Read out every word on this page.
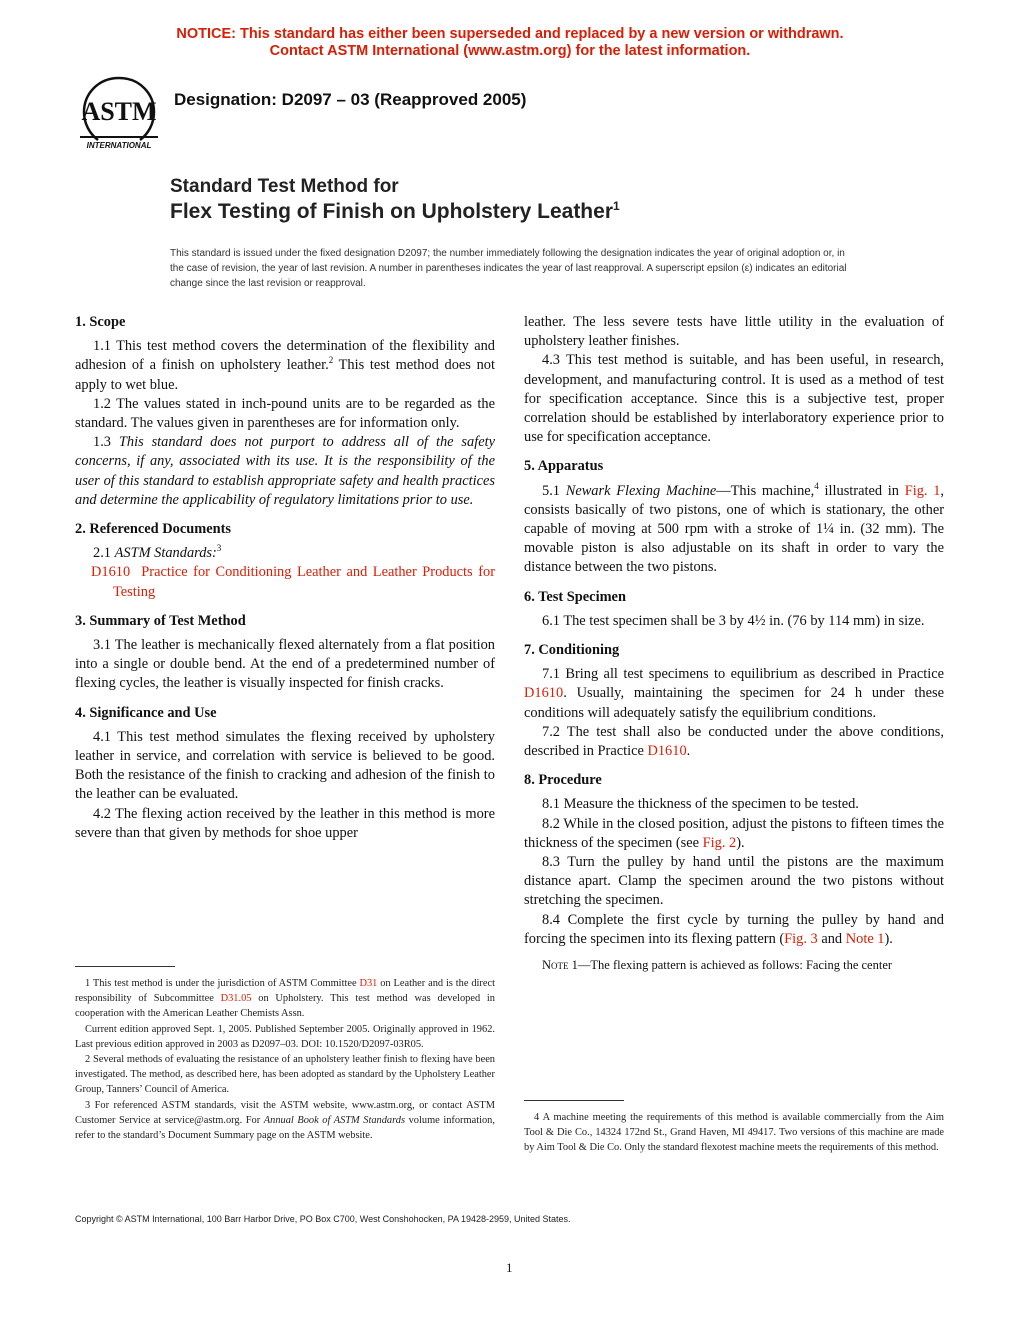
NOTICE: This standard has either been superseded and replaced by a new version or withdrawn.
Contact ASTM International (www.astm.org) for the latest information.
ASTM
INTERNATIONAL
Designation: D2097 – 03 (Reapproved 2005)
Standard Test Method for
Flex Testing of Finish on Upholstery Leather$^1$
This standard is issued under the fixed designation D2097; the number immediately following the designation indicates the year of original adoption or, in the case of revision, the year of last revision. A number in parentheses indicates the year of last reapproval. A superscript epsilon (ε) indicates an editorial change since the last revision or reapproval.
1. Scope

1.1 This test method covers the determination of the flexibility and adhesion of a finish on upholstery leather.$^2$ This test method does not apply to wet blue.

1.2 The values stated in inch-pound units are to be regarded as the standard. The values given in parentheses are for information only.

1.3 This standard does not purport to address all of the safety concerns, if any, associated with its use. It is the responsibility of the user of this standard to establish appropriate safety and health practices and determine the applicability of regulatory limitations prior to use.

2. Referenced Documents

2.1 ASTM Standards:$^3$

D1610 Practice for Conditioning Leather and Leather Products for Testing

3. Summary of Test Method

3.1 The leather is mechanically flexed alternately from a flat position into a single or double bend. At the end of a predetermined number of flexing cycles, the leather is visually inspected for finish cracks.

4. Significance and Use

4.1 This test method simulates the flexing received by upholstery leather in service, and correlation with service is believed to be good. Both the resistance of the finish to cracking and adhesion of the finish to the leather can be evaluated.

4.2 The flexing action received by the leather in this method is more severe than that given by methods for shoe upper

leather. The less severe tests have little utility in the evaluation of upholstery leather finishes.

4.3 This test method is suitable, and has been useful, in research, development, and manufacturing control. It is used as a method of test for specification acceptance. Since this is a subjective test, proper correlation should be established by interlaboratory experience prior to use for specification acceptance.

5. Apparatus

5.1 Newark Flexing Machine—This machine,$^4$ illustrated in Fig. 1, consists basically of two pistons, one of which is stationary, the other capable of moving at 500 rpm with a stroke of 1¼ in. (32 mm). The movable piston is also adjustable on its shaft in order to vary the distance between the two pistons.

6. Test Specimen

6.1 The test specimen shall be 3 by 4½ in. (76 by 114 mm) in size.

7. Conditioning

7.1 Bring all test specimens to equilibrium as described in Practice D1610. Usually, maintaining the specimen for 24 h under these conditions will adequately satisfy the equilibrium conditions.

7.2 The test shall also be conducted under the above conditions, described in Practice D1610.

8. Procedure

8.1 Measure the thickness of the specimen to be tested.

8.2 While in the closed position, adjust the pistons to fifteen times the thickness of the specimen (see Fig. 2).

8.3 Turn the pulley by hand until the pistons are the maximum distance apart. Clamp the specimen around the two pistons without stretching the specimen.

8.4 Complete the first cycle by turning the pulley by hand and forcing the specimen into its flexing pattern (Fig. 3 and Note 1).

Note 1—The flexing pattern is achieved as follows: Facing the center

1 This test method is under the jurisdiction of ASTM Committee D31 on Leather and is the direct responsibility of Subcommittee D31.05 on Upholstery. This test method was developed in cooperation with the American Leather Chemists Assn.

Current edition approved Sept. 1, 2005. Published September 2005. Originally approved in 1962. Last previous edition approved in 2003 as D2097–03. DOI: 10.1520/D2097-03R05.

2 Several methods of evaluating the resistance of an upholstery leather finish to flexing have been investigated. The method, as described here, has been adopted as standard by the Upholstery Leather Group, Tanners’ Council of America.

3 For referenced ASTM standards, visit the ASTM website, www.astm.org, or contact ASTM Customer Service at service@astm.org. For Annual Book of ASTM Standards volume information, refer to the standard’s Document Summary page on the ASTM website.

4 A machine meeting the requirements of this method is available commercially from the Aim Tool & Die Co., 14324 172nd St., Grand Haven, MI 49417. Two versions of this machine are made by Aim Tool & Die Co. Only the standard flexotest machine meets the requirements of this method.

Copyright © ASTM International, 100 Barr Harbor Drive, PO Box C700, West Conshohocken, PA 19428-2959, United States.
1
